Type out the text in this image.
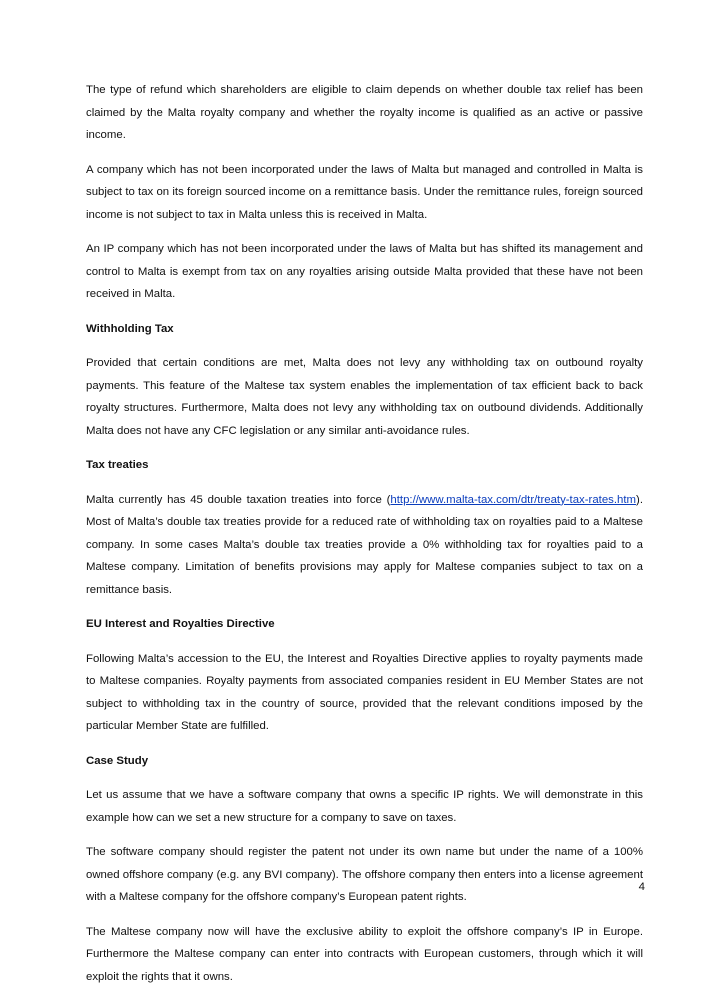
The type of refund which shareholders are eligible to claim depends on whether double tax relief has been claimed by the Malta royalty company and whether the royalty income is qualified as an active or passive income.

A company which has not been incorporated under the laws of Malta but managed and controlled in Malta is subject to tax on its foreign sourced income on a remittance basis. Under the remittance rules, foreign sourced income is not subject to tax in Malta unless this is received in Malta.

An IP company which has not been incorporated under the laws of Malta but has shifted its management and control to Malta is exempt from tax on any royalties arising outside Malta provided that these have not been received in Malta.

Withholding Tax

Provided that certain conditions are met, Malta does not levy any withholding tax on outbound royalty payments. This feature of the Maltese tax system enables the implementation of tax efficient back to back royalty structures. Furthermore, Malta does not levy any withholding tax on outbound dividends. Additionally Malta does not have any CFC legislation or any similar anti-avoidance rules.

Tax treaties

Malta currently has 45 double taxation treaties into force (http://www.malta-tax.com/dtr/treaty-tax-rates.htm). Most of Malta’s double tax treaties provide for a reduced rate of withholding tax on royalties paid to a Maltese company. In some cases Malta’s double tax treaties provide a 0% withholding tax for royalties paid to a Maltese company. Limitation of benefits provisions may apply for Maltese companies subject to tax on a remittance basis.

EU Interest and Royalties Directive

Following Malta’s accession to the EU, the Interest and Royalties Directive applies to royalty payments made to Maltese companies. Royalty payments from associated companies resident in EU Member States are not subject to withholding tax in the country of source, provided that the relevant conditions imposed by the particular Member State are fulfilled.

Case Study

Let us assume that we have a software company that owns a specific IP rights. We will demonstrate in this example how can we set a new structure for a company to save on taxes.

The software company should register the patent not under its own name but under the name of a 100% owned offshore company (e.g. any BVI company). The offshore company then enters into a license agreement with a Maltese company for the offshore company’s European patent rights.

The Maltese company now will have the exclusive ability to exploit the offshore company’s IP in Europe. Furthermore the Maltese company can enter into contracts with European customers, through which it will exploit the rights that it owns.

4
